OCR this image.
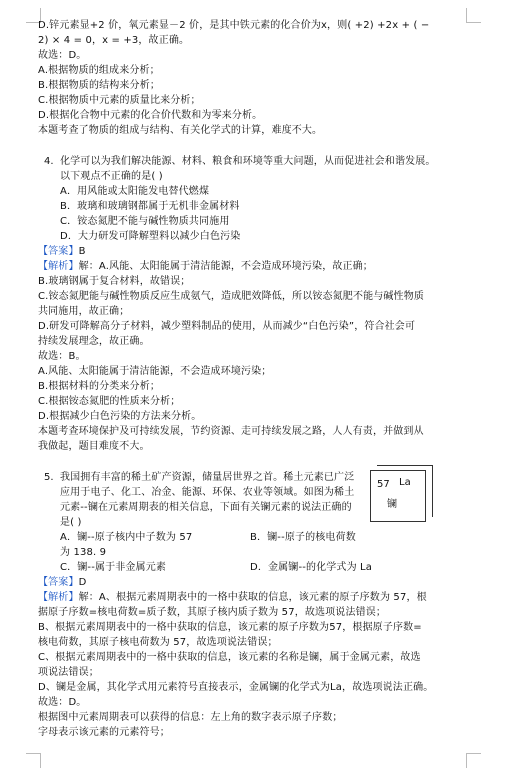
D.锌元素显+2 价，氧元素显－2 价，是其中铁元素的化合价为x，则( +2) +2x + ( −
2) × 4 = 0，x = +3，故正确。
故选：D。
A.根据物质的组成来分析；
B.根据物质的结构来分析；
C.根据物质中元素的质量比来分析；
D.根据化合物中元素的化合价代数和为零来分析。
本题考查了物质的组成与结构、有关化学式的计算，难度不大。
4. 化学可以为我们解决能源、材料、粮食和环境等重大问题，从而促进社会和谐发展。
以下观点不正确的是( )
A．用风能或太阳能发电替代燃煤
B．玻璃和玻璃钢都属于无机非金属材料
C．铵态氮肥不能与碱性物质共同施用
D．大力研发可降解塑料以减少白色污染
【答案】B
【解析】解：A.风能、太阳能属于清洁能源，不会造成环境污染，故正确；
B.玻璃钢属于复合材料，故错误；
C.铵态氮肥能与碱性物质反应生成氨气，造成肥效降低，所以铵态氮肥不能与碱性物质
共同施用，故正确；
D.研发可降解高分子材料，减少塑料制品的使用，从而减少“白色污染”，符合社会可
持续发展理念，故正确。
故选：B。
A.风能、太阳能属于清洁能源，不会造成环境污染；
B.根据材料的分类来分析；
C.根据铵态氮肥的性质来分析；
D.根据减少白色污染的方法来分析。
本题考查环境保护及可持续发展，节约资源、走可持续发展之路，人人有责，并做到从
我做起，题目难度不大。
5.
57 La
镧
我国拥有丰富的稀土矿产资源，储量居世界之首。稀土元素已广泛
应用于电子、化工、冶金、能源、环保、农业等领域。如图为稀土
元素--镧在元素周期表的相关信息，下面有关镧元素的说法正确的
是( )
A．镧--原子核内中子数为 57	B．镧--原子的核电荷数
为 138. 9
C．镧--属于非金属元素	D．金属镧--的化学式为 La
【答案】D
【解析】解：A、根据元素周期表中的一格中获取的信息，该元素的原子序数为 57，根
据原子序数=核电荷数=质子数，其原子核内质子数为 57，故选项说法错误；
B、根据元素周期表中的一格中获取的信息，该元素的原子序数为57，根据原子序数=
核电荷数，其原子核电荷数为 57，故选项说法错误；
C、根据元素周期表中的一格中获取的信息，该元素的名称是镧，属于金属元素，故选
项说法错误；
D、镧是金属，其化学式用元素符号直接表示，金属镧的化学式为La，故选项说法正确。
故选：D。
根据图中元素周期表可以获得的信息：左上角的数字表示原子序数；
字母表示该元素的元素符号；
